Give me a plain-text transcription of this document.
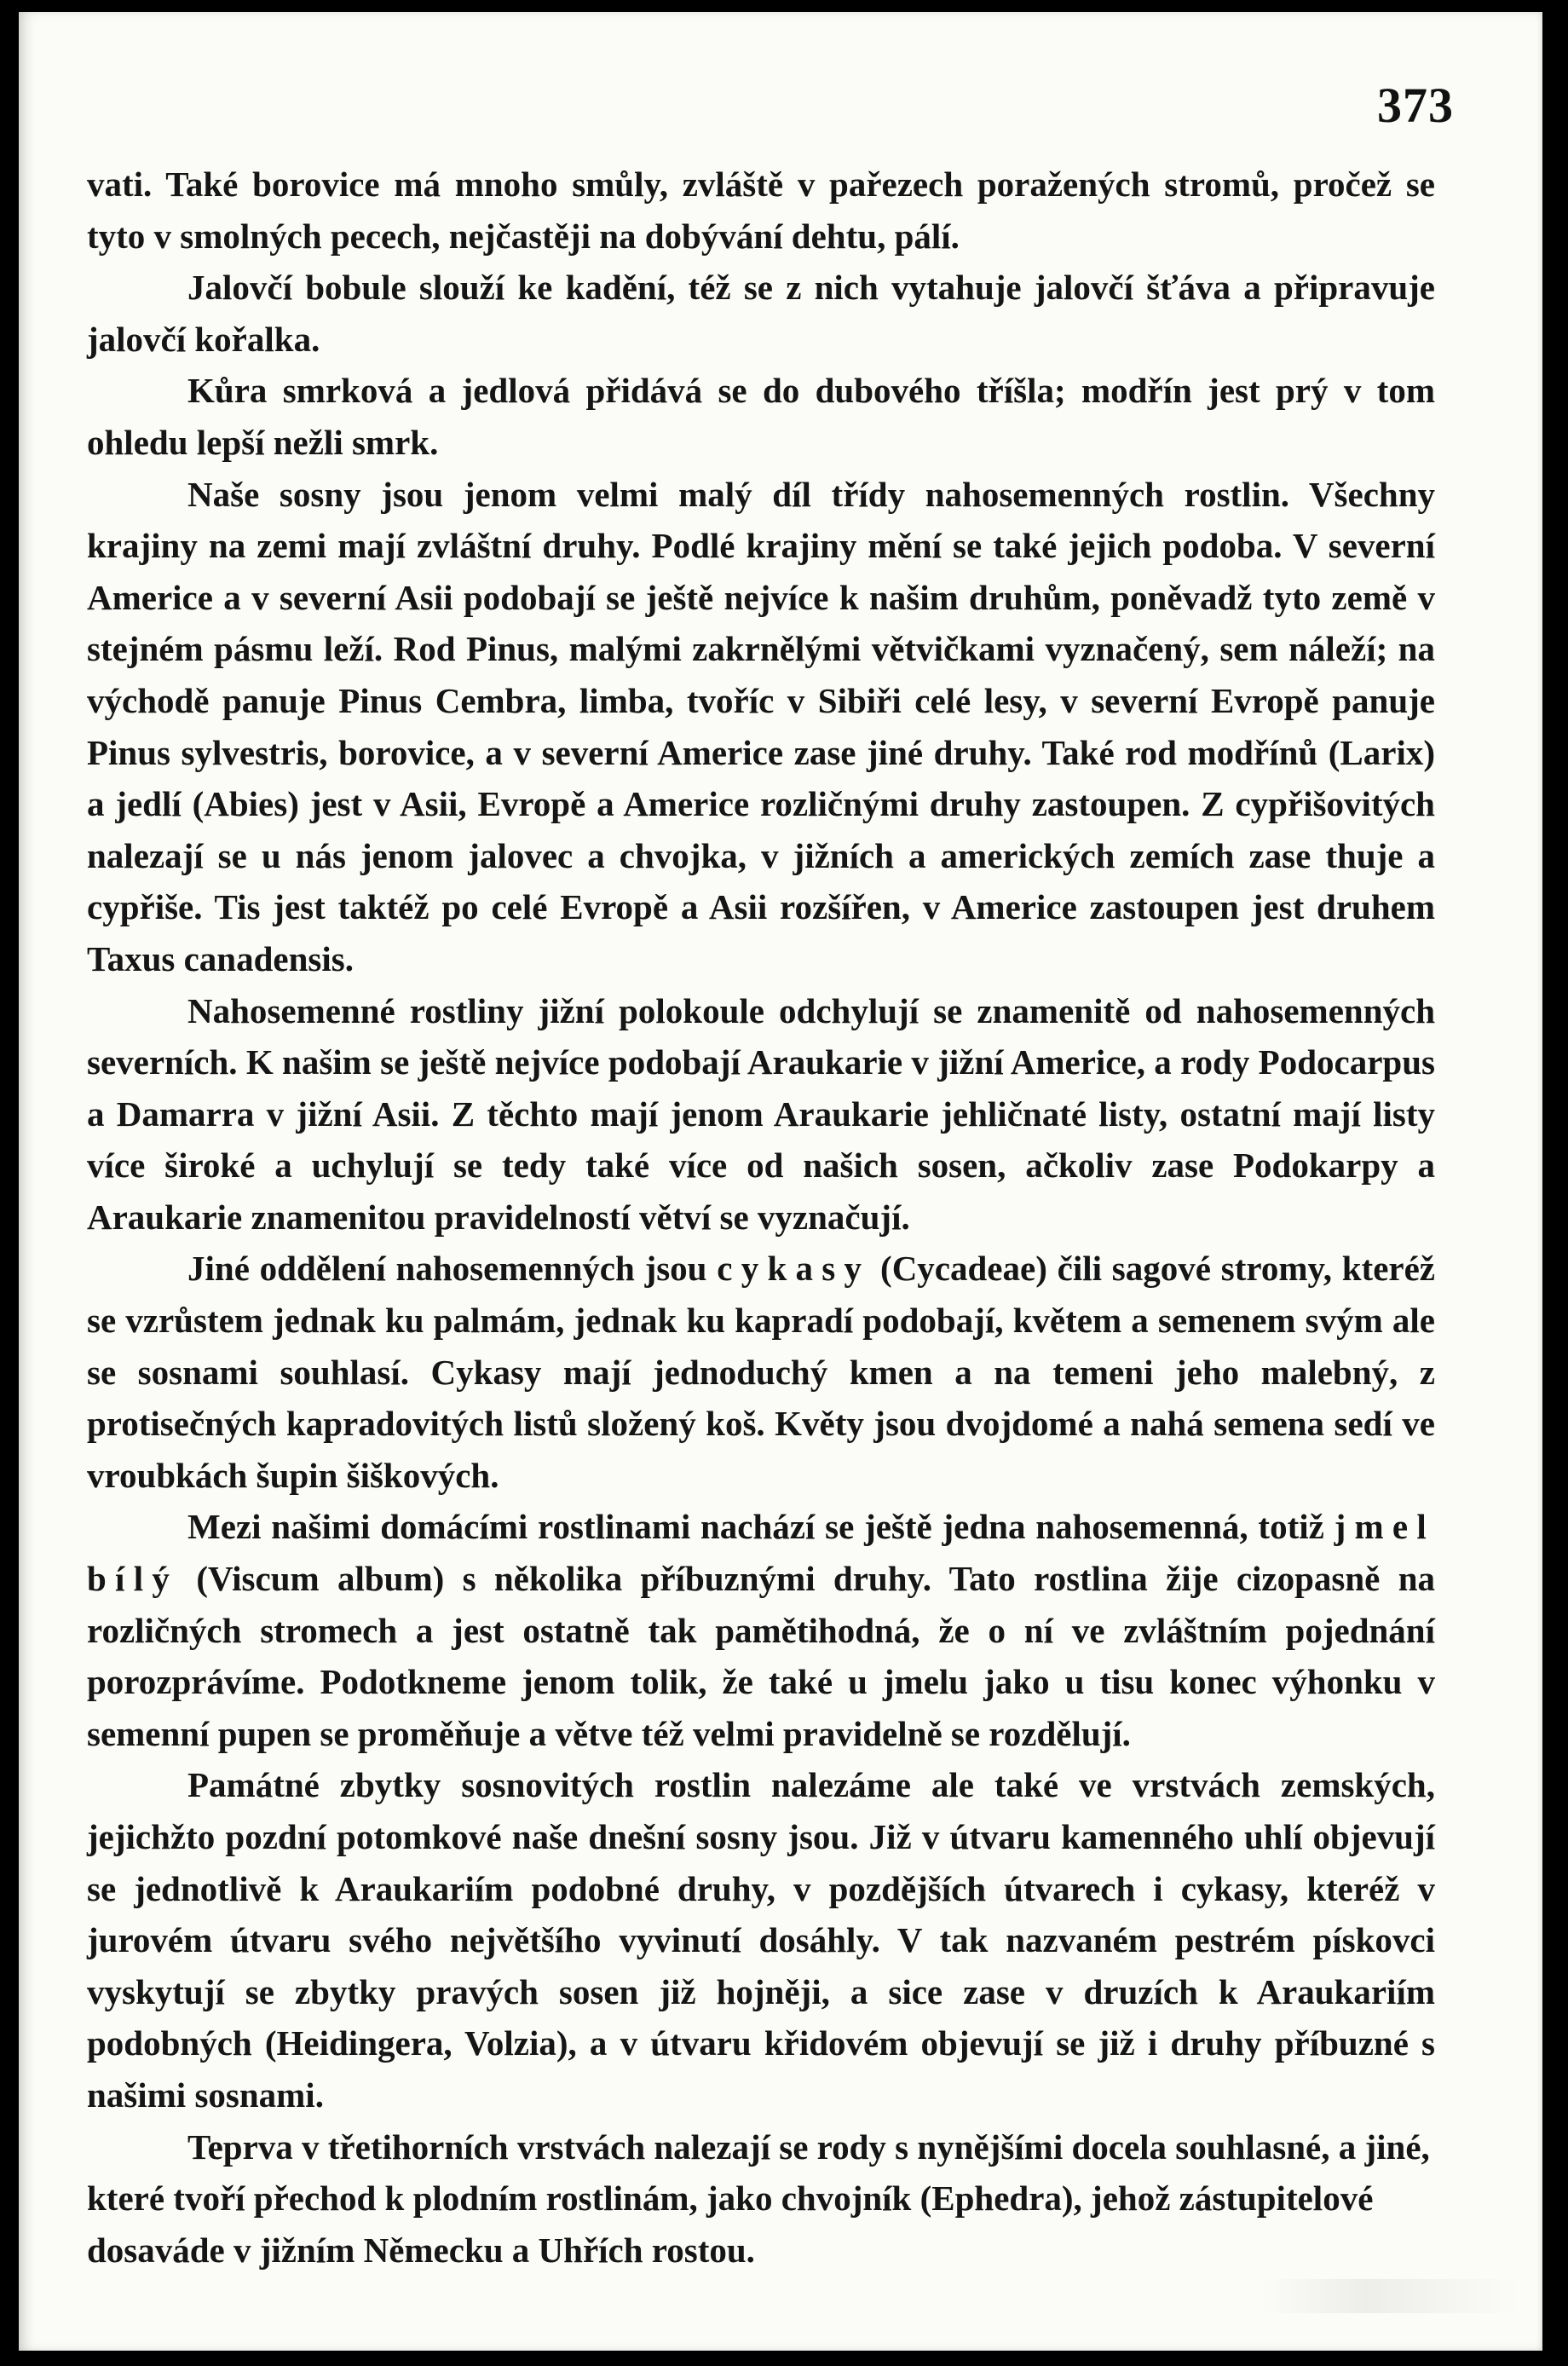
373

vati. Také borovice má mnoho smůly, zvláště v pařezech poražených stromů, pročež se tyto v smolných pecech, nejčastěji na dobývání dehtu, pálí.

Jalovčí bobule slouží ke kadění, též se z nich vytahuje jalovčí šťáva a připravuje jalovčí kořalka.

Kůra smrková a jedlová přidává se do dubového tříšla; modřín jest prý v tom ohledu lepší nežli smrk.

Naše sosny jsou jenom velmi malý díl třídy nahosemenných rostlin. Všechny krajiny na zemi mají zvláštní druhy. Podlé krajiny mění se také jejich podoba. V severní Americe a v severní Asii podobají se ještě nejvíce k našim druhům, poněvadž tyto země v stejném pásmu leží. Rod Pinus, malými zakrnělými větvičkami vyznačený, sem náleží; na východě panuje Pinus Cembra, limba, tvoříc v Sibiři celé lesy, v severní Evropě panuje Pinus sylvestris, borovice, a v severní Americe zase jiné druhy. Také rod modřínů (Larix) a jedlí (Abies) jest v Asii, Evropě a Americe rozličnými druhy zastoupen. Z cypřišovitých nalezají se u nás jenom jalovec a chvojka, v jižních a amerických zemích zase thuje a cypřiše. Tis jest taktéž po celé Evropě a Asii rozšířen, v Americe zastoupen jest druhem Taxus canadensis.

Nahosemenné rostliny jižní polokoule odchylují se znamenitě od nahosemenných severních. K našim se ještě nejvíce podobají Araukarie v jižní Americe, a rody Podocarpus a Damarra v jižní Asii. Z těchto mají jenom Araukarie jehličnaté listy, ostatní mají listy více široké a uchylují se tedy také více od našich sosen, ačkoliv zase Podokarpy a Araukarie znamenitou pravidelností větví se vyznačují.

Jiné oddělení nahosemenných jsou cykasy (Cycadeae) čili sagové stromy, kteréž se vzrůstem jednak ku palmám, jednak ku kapradí podobají, květem a semenem svým ale se sosnami souhlasí. Cykasy mají jednoduchý kmen a na temeni jeho malebný, z protisečných kapradovitých listů složený koš. Květy jsou dvojdomé a nahá semena sedí ve vroubkách šupin šiškových.

Mezi našimi domácími rostlinami nachází se ještě jedna nahosemenná, totiž jmel bílý (Viscum album) s několika příbuznými druhy. Tato rostlina žije cizopasně na rozličných stromech a jest ostatně tak pamětihodná, že o ní ve zvláštním pojednání porozprávíme. Podotkneme jenom tolik, že také u jmelu jako u tisu konec výhonku v semenní pupen se proměňuje a větve též velmi pravidelně se rozdělují.

Památné zbytky sosnovitých rostlin nalezáme ale také ve vrstvách zemských, jejichžto pozdní potomkové naše dnešní sosny jsou. Již v útvaru kamenného uhlí objevují se jednotlivě k Araukariím podobné druhy, v pozdějších útvarech i cykasy, kteréž v jurovém útvaru svého největšího vyvinutí dosáhly. V tak nazvaném pestrém pískovci vyskytují se zbytky pravých sosen již hojněji, a sice zase v druzích k Araukariím podobných (Heidingera, Volzia), a v útvaru křidovém objevují se již i druhy příbuzné s našimi sosnami.

Teprva v třetihorních vrstvách nalezají se rody s nynějšími docela souhlasné, a jiné, které tvoří přechod k plodním rostlinám, jako chvojník (Ephedra), jehož zástupitelové dosaváde v jižním Německu a Uhřích rostou.
